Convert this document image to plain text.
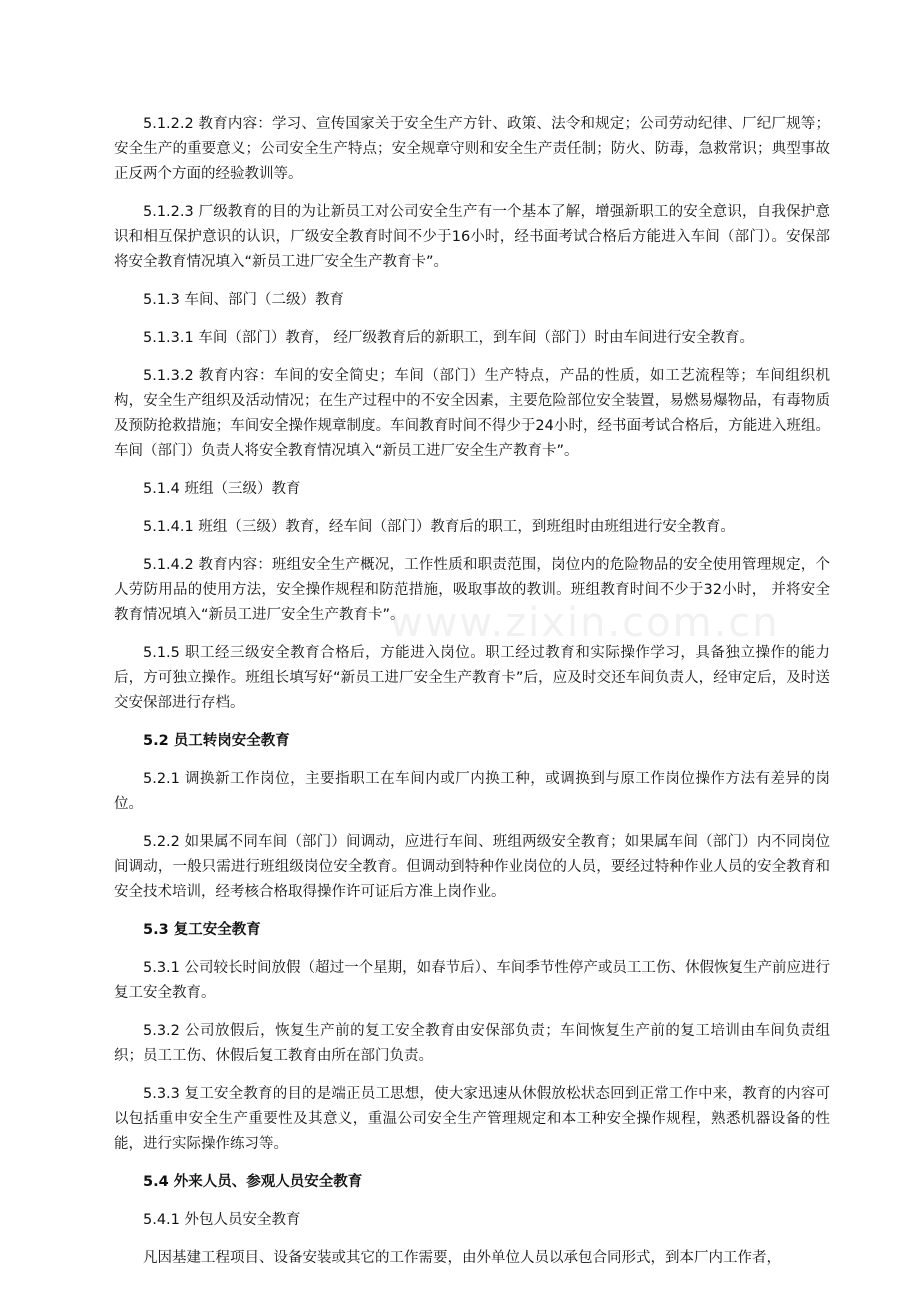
5.1.2.2 教育内容：学习、宣传国家关于安全生产方针、政策、法令和规定；公司劳动纪律、厂纪厂规等；安全生产的重要意义；公司安全生产特点；安全规章守则和安全生产责任制；防火、防毒，急救常识；典型事故正反两个方面的经验教训等。

5.1.2.3 厂级教育的目的为让新员工对公司安全生产有一个基本了解，增强新职工的安全意识，自我保护意识和相互保护意识的认识，厂级安全教育时间不少于16小时，经书面考试合格后方能进入车间（部门）。安保部将安全教育情况填入“新员工进厂安全生产教育卡”。

5.1.3 车间、部门（二级）教育

5.1.3.1 车间（部门）教育， 经厂级教育后的新职工，到车间（部门）时由车间进行安全教育。

5.1.3.2 教育内容：车间的安全简史；车间（部门）生产特点，产品的性质，如工艺流程等；车间组织机构，安全生产组织及活动情况；在生产过程中的不安全因素，主要危险部位安全装置，易燃易爆物品，有毒物质及预防抢救措施；车间安全操作规章制度。车间教育时间不得少于24小时，经书面考试合格后，方能进入班组。车间（部门）负责人将安全教育情况填入“新员工进厂安全生产教育卡”。

5.1.4 班组（三级）教育

5.1.4.1 班组（三级）教育，经车间（部门）教育后的职工，到班组时由班组进行安全教育。

5.1.4.2 教育内容：班组安全生产概况，工作性质和职责范围，岗位内的危险物品的安全使用管理规定，个人劳防用品的使用方法，安全操作规程和防范措施，吸取事故的教训。班组教育时间不少于32小时， 并将安全教育情况填入“新员工进厂安全生产教育卡”。

5.1.5 职工经三级安全教育合格后，方能进入岗位。职工经过教育和实际操作学习，具备独立操作的能力后，方可独立操作。班组长填写好“新员工进厂安全生产教育卡”后，应及时交还车间负责人，经审定后，及时送交安保部进行存档。

5.2 员工转岗安全教育

5.2.1 调换新工作岗位，主要指职工在车间内或厂内换工种，或调换到与原工作岗位操作方法有差异的岗位。

5.2.2 如果属不同车间（部门）间调动，应进行车间、班组两级安全教育；如果属车间（部门）内不同岗位间调动，一般只需进行班组级岗位安全教育。但调动到特种作业岗位的人员，要经过特种作业人员的安全教育和安全技术培训，经考核合格取得操作许可证后方准上岗作业。

5.3 复工安全教育

5.3.1 公司较长时间放假（超过一个星期，如春节后）、车间季节性停产或员工工伤、休假恢复生产前应进行复工安全教育。

5.3.2 公司放假后，恢复生产前的复工安全教育由安保部负责；车间恢复生产前的复工培训由车间负责组织；员工工伤、休假后复工教育由所在部门负责。

5.3.3 复工安全教育的目的是端正员工思想，使大家迅速从休假放松状态回到正常工作中来，教育的内容可以包括重申安全生产重要性及其意义，重温公司安全生产管理规定和本工种安全操作规程，熟悉机器设备的性能，进行实际操作练习等。

5.4 外来人员、参观人员安全教育

5.4.1 外包人员安全教育

凡因基建工程项目、设备安装或其它的工作需要，由外单位人员以承包合同形式，到本厂内工作者，

www.zixin.com.cn
